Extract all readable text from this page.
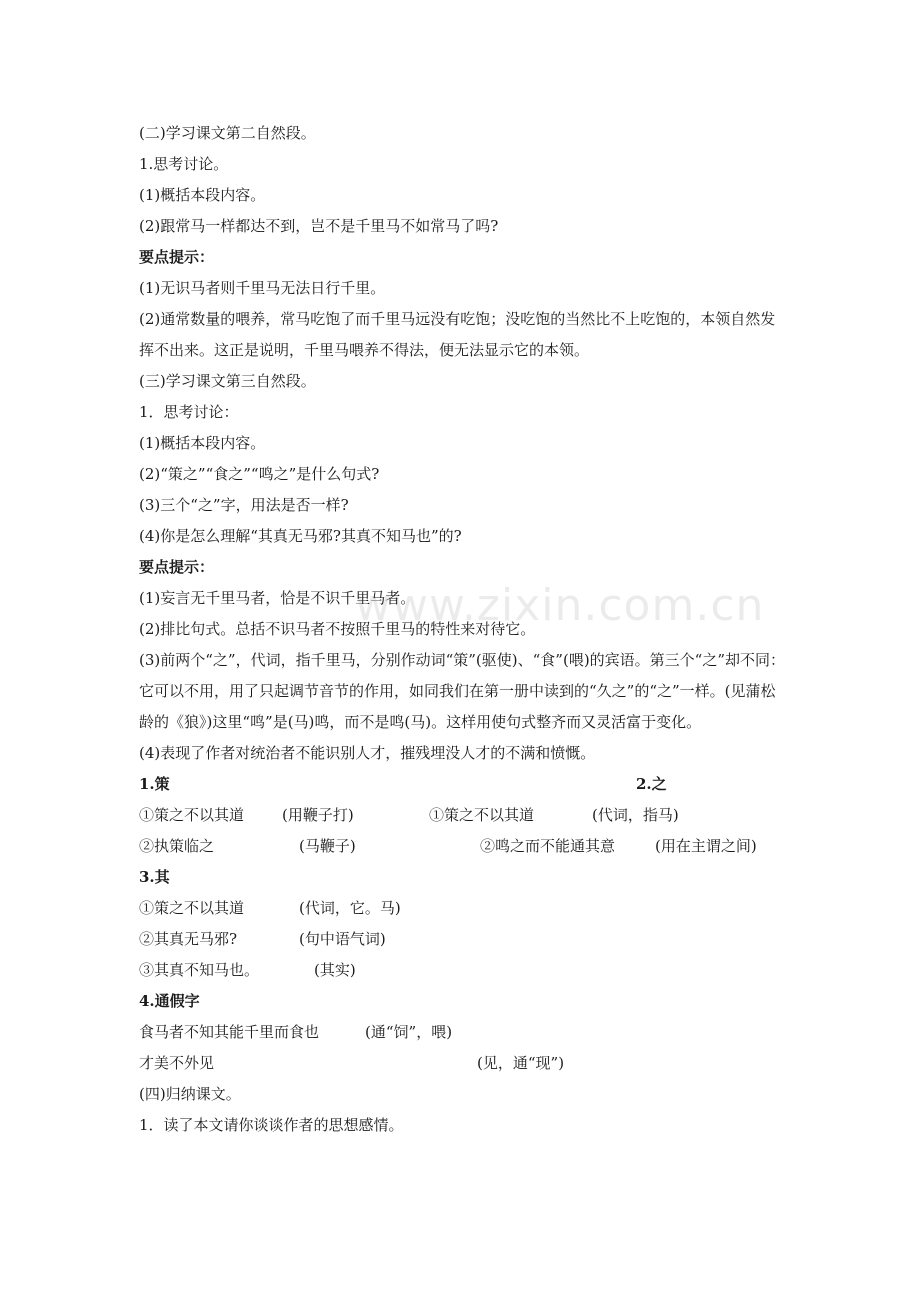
www.zixin.com.cn
(二)学习课文第二自然段。
1.思考讨论。
(1)概括本段内容。
(2)跟常马一样都达不到，岂不是千里马不如常马了吗?
要点提示：
(1)无识马者则千里马无法日行千里。
(2)通常数量的喂养，常马吃饱了而千里马远没有吃饱；没吃饱的当然比不上吃饱的，本领自然发挥不出来。这正是说明，千里马喂养不得法，便无法显示它的本领。
(三)学习课文第三自然段。
1．思考讨论：
(1)概括本段内容。
(2)“策之”“食之”“鸣之”是什么句式?
(3)三个“之”字，用法是否一样?
(4)你是怎么理解“其真无马邪?其真不知马也”的?
要点提示：
(1)妄言无千里马者，恰是不识千里马者。
(2)排比句式。总括不识马者不按照千里马的特性来对待它。
(3)前两个“之”，代词，指千里马，分别作动词“策”(驱使)、“食”(喂)的宾语。第三个“之”却不同：它可以不用，用了只起调节音节的作用，如同我们在第一册中读到的“久之”的“之”一样。(见蒲松龄的《狼》)这里“鸣”是(马)鸣，而不是鸣(马)。这样用使句式整齐而又灵活富于变化。
(4)表现了作者对统治者不能识别人才，摧残埋没人才的不满和愤慨。
1.策	2.之
①策之不以其道	(用鞭子打)	①策之不以其道	(代词，指马)
②执策临之	(马鞭子)	②鸣之而不能通其意	(用在主谓之间)
3.其
①策之不以其道	(代词，它。马)
②其真无马邪?	(句中语气词)
③其真不知马也。	(其实)
4.通假字
食马者不知其能千里而食也	(通“饲”，喂)
才美不外见	(见，通“现”)
(四)归纳课文。
1．读了本文请你谈谈作者的思想感情。
